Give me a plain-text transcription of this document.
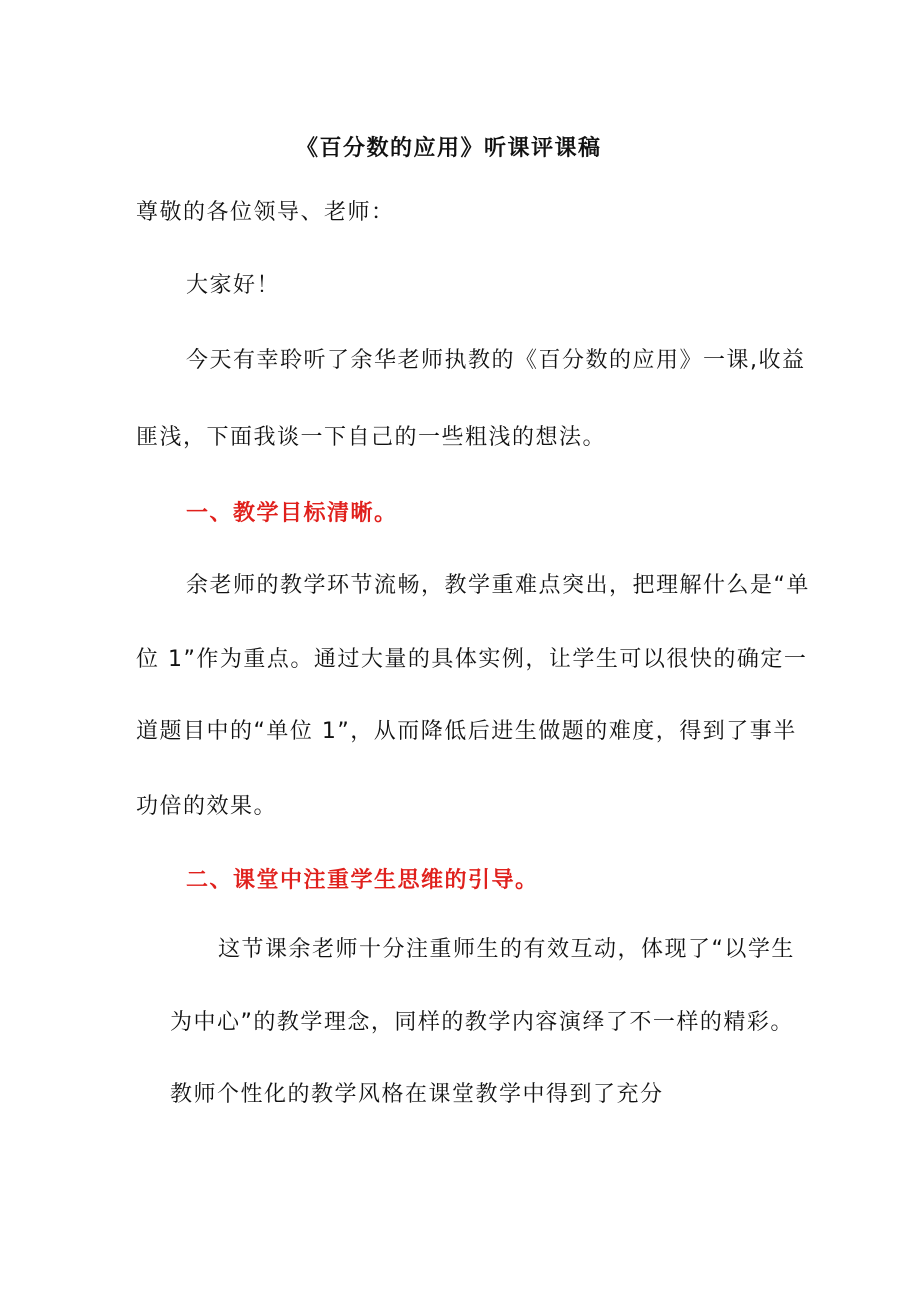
《百分数的应用》听课评课稿
尊敬的各位领导、老师：
大家好！
今天有幸聆听了余华老师执教的《百分数的应用》一课,收益
匪浅，下面我谈一下自己的一些粗浅的想法。
一、教学目标清晰。
余老师的教学环节流畅，教学重难点突出，把理解什么是“单
位 1”作为重点。通过大量的具体实例，让学生可以很快的确定一
道题目中的“单位 1”，从而降低后进生做题的难度，得到了事半
功倍的效果。
二、课堂中注重学生思维的引导。
这节课余老师十分注重师生的有效互动，体现了“以学生
为中心”的教学理念，同样的教学内容演绎了不一样的精彩。
教师个性化的教学风格在课堂教学中得到了充分
